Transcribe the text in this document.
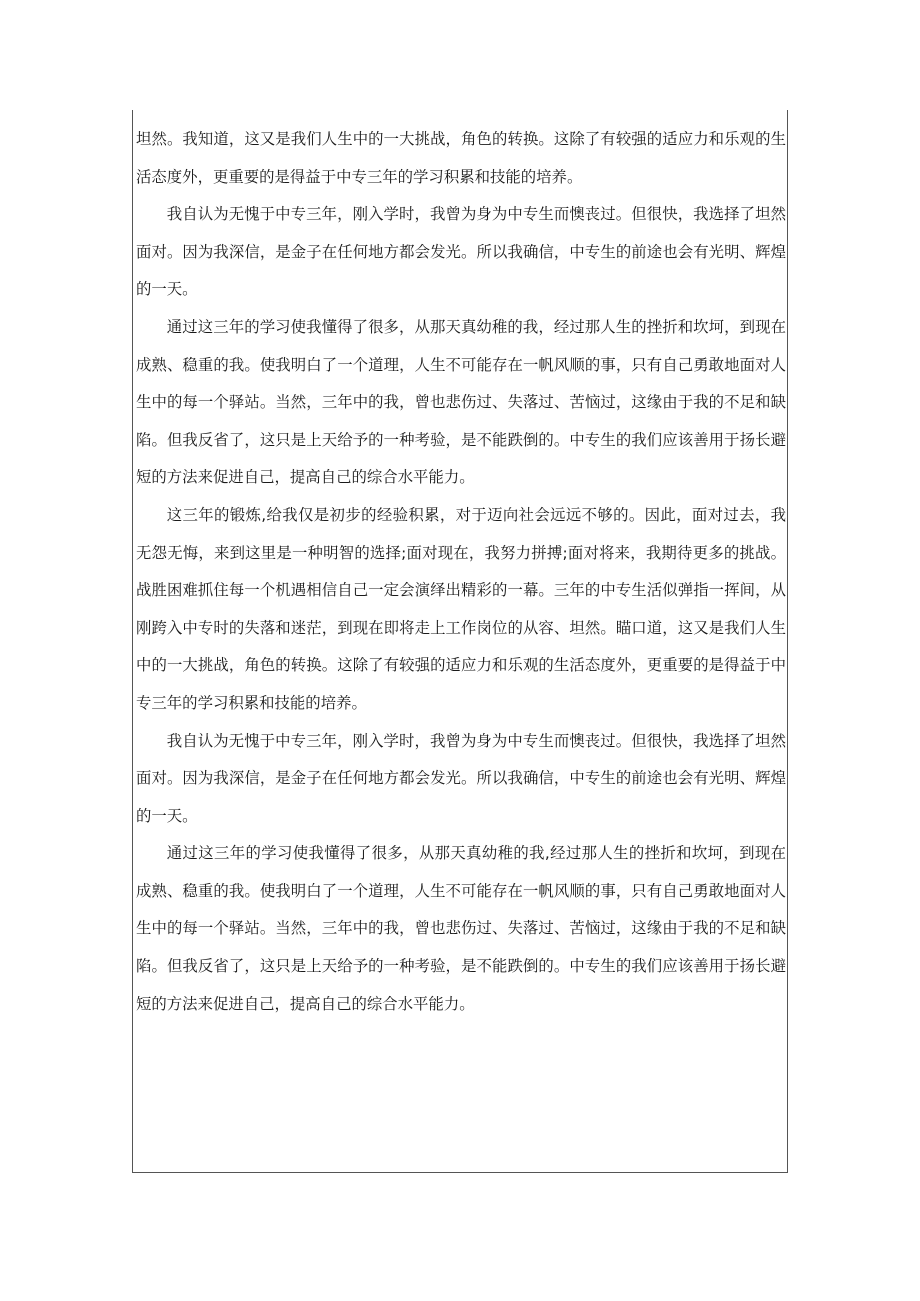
坦然。我知道，这又是我们人生中的一大挑战，角色的转换。这除了有较强的适应力和乐观的生活态度外，更重要的是得益于中专三年的学习积累和技能的培养。

我自认为无愧于中专三年，刚入学时，我曾为身为中专生而懊丧过。但很快，我选择了坦然面对。因为我深信，是金子在任何地方都会发光。所以我确信，中专生的前途也会有光明、辉煌的一天。

通过这三年的学习使我懂得了很多，从那天真幼稚的我，经过那人生的挫折和坎坷，到现在成熟、稳重的我。使我明白了一个道理，人生不可能存在一帆风顺的事，只有自己勇敢地面对人生中的每一个驿站。当然，三年中的我，曾也悲伤过、失落过、苦恼过，这缘由于我的不足和缺陷。但我反省了，这只是上天给予的一种考验，是不能跌倒的。中专生的我们应该善用于扬长避短的方法来促进自己，提高自己的综合水平能力。

这三年的锻炼,给我仅是初步的经验积累，对于迈向社会远远不够的。因此，面对过去，我无怨无悔，来到这里是一种明智的选择;面对现在，我努力拼搏;面对将来，我期待更多的挑战。战胜困难抓住每一个机遇相信自己一定会演绎出精彩的一幕。三年的中专生活似弹指一挥间，从刚跨入中专时的失落和迷茫，到现在即将走上工作岗位的从容、坦然。瞄口道，这又是我们人生中的一大挑战，角色的转换。这除了有较强的适应力和乐观的生活态度外，更重要的是得益于中专三年的学习积累和技能的培养。

我自认为无愧于中专三年，刚入学时，我曾为身为中专生而懊丧过。但很快，我选择了坦然面对。因为我深信，是金子在任何地方都会发光。所以我确信，中专生的前途也会有光明、辉煌的一天。

通过这三年的学习使我懂得了很多，从那天真幼稚的我,经过那人生的挫折和坎坷，到现在成熟、稳重的我。使我明白了一个道理，人生不可能存在一帆风顺的事，只有自己勇敢地面对人生中的每一个驿站。当然，三年中的我，曾也悲伤过、失落过、苦恼过，这缘由于我的不足和缺陷。但我反省了，这只是上天给予的一种考验，是不能跌倒的。中专生的我们应该善用于扬长避短的方法来促进自己，提高自己的综合水平能力。
